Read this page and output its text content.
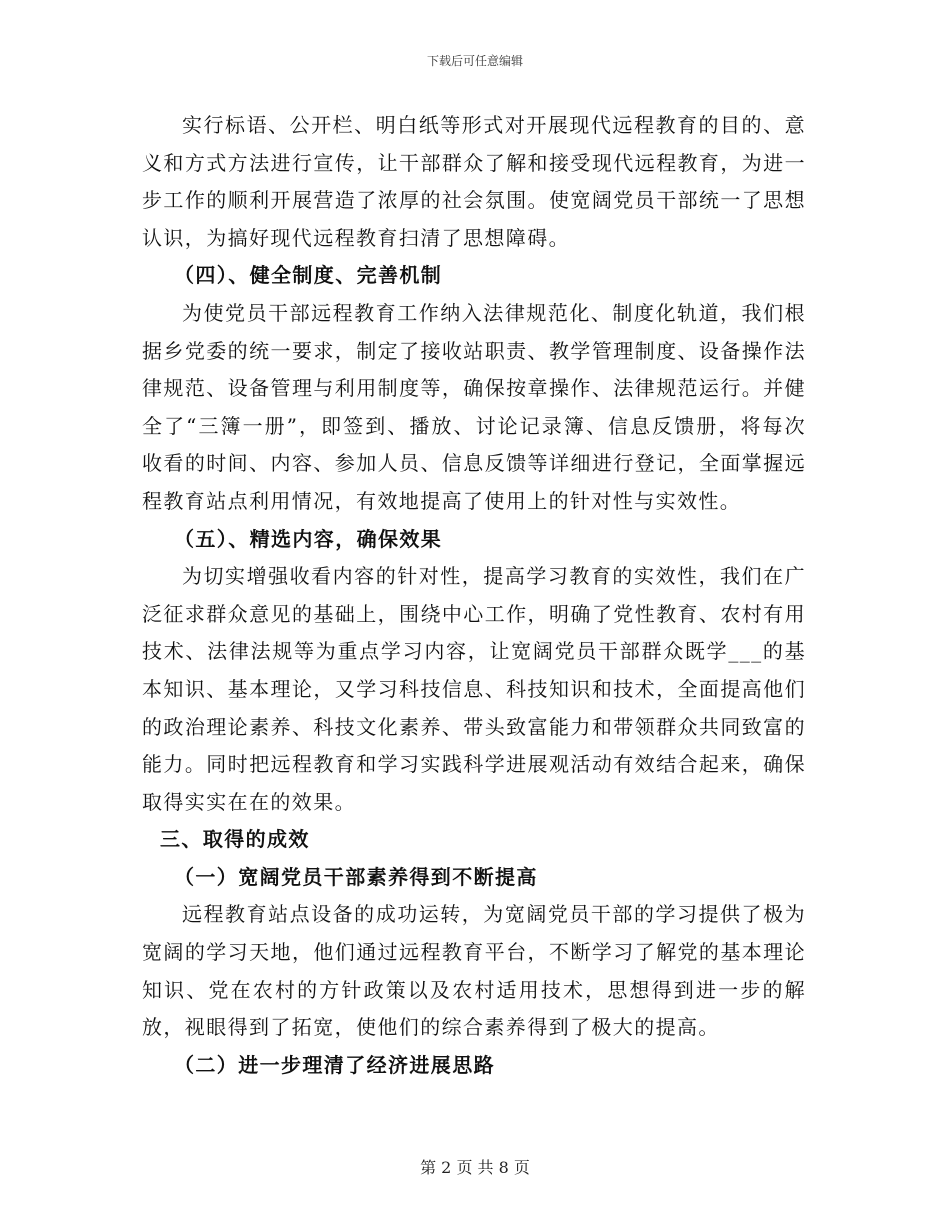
下载后可任意编辑

实行标语、公开栏、明白纸等形式对开展现代远程教育的目的、意义和方式方法进行宣传，让干部群众了解和接受现代远程教育，为进一步工作的顺利开展营造了浓厚的社会氛围。使宽阔党员干部统一了思想认识，为搞好现代远程教育扫清了思想障碍。

（四）、健全制度、完善机制

为使党员干部远程教育工作纳入法律规范化、制度化轨道，我们根据乡党委的统一要求，制定了接收站职责、教学管理制度、设备操作法律规范、设备管理与利用制度等，确保按章操作、法律规范运行。并健全了“三簿一册”，即签到、播放、讨论记录簿、信息反馈册，将每次收看的时间、内容、参加人员、信息反馈等详细进行登记，全面掌握远程教育站点利用情况，有效地提高了使用上的针对性与实效性。

（五）、精选内容，确保效果

为切实增强收看内容的针对性，提高学习教育的实效性，我们在广泛征求群众意见的基础上，围绕中心工作，明确了党性教育、农村有用技术、法律法规等为重点学习内容，让宽阔党员干部群众既学___的基本知识、基本理论，又学习科技信息、科技知识和技术，全面提高他们的政治理论素养、科技文化素养、带头致富能力和带领群众共同致富的能力。同时把远程教育和学习实践科学进展观活动有效结合起来，确保取得实实在在的效果。

三、取得的成效

（一）宽阔党员干部素养得到不断提高

远程教育站点设备的成功运转，为宽阔党员干部的学习提供了极为宽阔的学习天地，他们通过远程教育平台，不断学习了解党的基本理论知识、党在农村的方针政策以及农村适用技术，思想得到进一步的解放，视眼得到了拓宽，使他们的综合素养得到了极大的提高。

（二）进一步理清了经济进展思路

第 2 页 共 8 页
